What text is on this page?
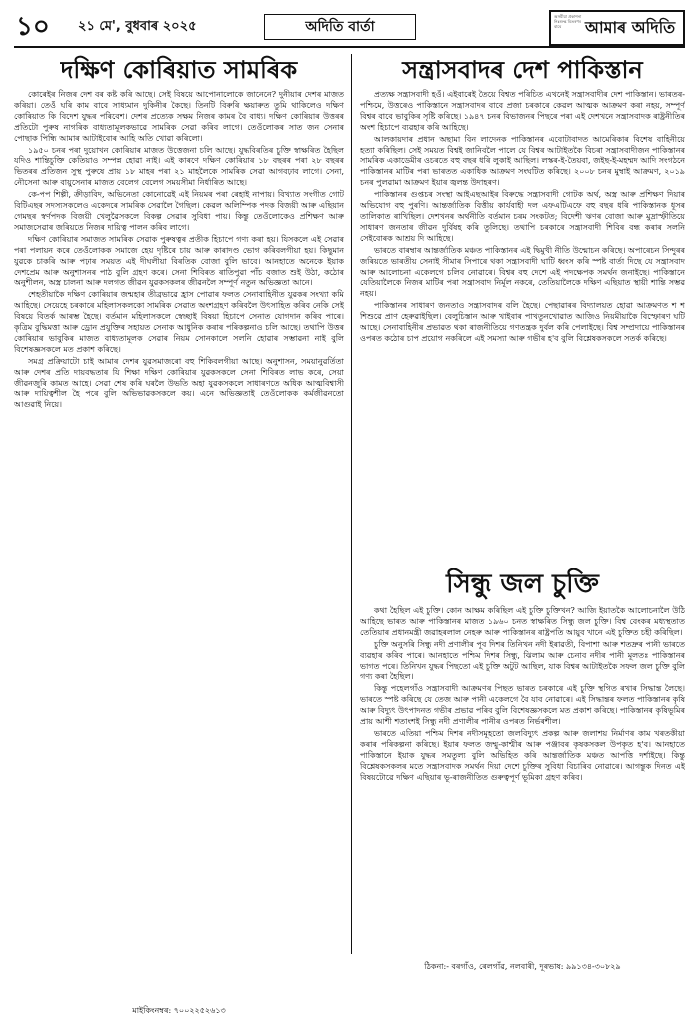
১০ ২১ মে', বুধবাৰ ২০২৫	অদিতি বাৰ্তা
অসমীয়া প্ৰকাশনা নিঃশুল্ক বিতৰণৰ বাবে	আমাৰ অদিতি
দক্ষিণ কোৰিয়াত সামৰিক

কোৰেইৰ নিজৰ দেশ বৰ কষ্ট কৰি আছে। সেই বিষয়ে আপোনালোকে জানেনে? দুনীয়াৰ দেশৰ মাজত কৰিয়া। তেওঁ ঘৰি কাম বাবে সাধ্যমান দুকিনীৰ কৈছে। তিনটি বিৰুৰি ক্ষয়াৰুত তুমি থাকিলেও দক্ষিণ কোৰিয়াত কি বিদেশ যুদ্ধৰ পৰিবেশ। দেশৰ প্ৰত্যেক সক্ষম নিজৰ কামৰ বৈ বাধ্য। দক্ষিণ কোৰিয়াৰ উত্তৰৰ প্ৰতিটো পুৰুষ নাগৰিক বাধ্যতামূলকভাৱে সামৰিক সেৱা কৰিব লাগে। তেওঁলোকৰ সাত জন সেনাৰ পোছাক পিন্ধি আমাৰ আটাইবোৰ আহি অতি খোৱা কৰিলো।

১৯৫০ চনৰ পৰা দুয়োখন কোৰিয়াৰ মাজত উত্তেজনা চলি আছে। যুদ্ধবিৰতিৰ চুক্তি স্বাক্ষৰিত হৈছিল যদিও শান্তিচুক্তি কেতিয়াও সম্পন্ন হোৱা নাই। এই কাৰণে দক্ষিণ কোৰিয়াৰ ১৮ বছৰৰ পৰা ২৮ বছৰৰ ভিতৰৰ প্ৰতিজন সুস্থ পুৰুষে প্ৰায় ১৮ মাহৰ পৰা ২১ মাহলৈকে সামৰিক সেৱা আগবঢ়াব লাগে। সেনা, নৌসেনা আৰু বায়ুসেনাৰ মাজত বেলেগ বেলেগ সময়সীমা নিৰ্ধাৰিত আছে।

কে-পপ শিল্পী, ক্ৰীড়াবিদ, অভিনেতা কোনোৱেই এই নিয়মৰ পৰা ৰেহাই নাপায়। বিখ্যাত সংগীত গোট বিটিএছৰ সদস্যসকলেও একেদৰে সামৰিক সেৱালৈ গৈছিল। কেৱল অলিম্পিক পদক বিজয়ী আৰু এছিয়ান গেমছৰ স্বৰ্ণপদক বিজয়ী খেলুৱৈসকলে বিকল্প সেৱাৰ সুবিধা পায়। কিন্তু তেওঁলোকেও প্ৰশিক্ষণ আৰু সমাজসেৱাৰ জৰিয়তে নিজৰ দায়িত্ব পালন কৰিব লাগে।

দক্ষিণ কোৰিয়াৰ সমাজত সামৰিক সেৱাক পুৰুষত্বৰ প্ৰতীক হিচাপে গণ্য কৰা হয়। যিসকলে এই সেৱাৰ পৰা পলায়ন কৰে তেওঁলোকক সমাজে হেয় দৃষ্টিৰে চায় আৰু কাৰাদণ্ড ভোগ কৰিবলগীয়া হয়। কিছুমান যুৱকে চাকৰি আৰু পঢ়াৰ সময়ত এই দীঘলীয়া বিৰতিক বোজা বুলি ভাবে। আনহাতে অনেকে ইয়াক দেশপ্ৰেম আৰু অনুশাসনৰ পাঠ বুলি গ্ৰহণ কৰে। সেনা শিবিৰত ৰাতিপুৱা পাঁচ বজাত শুই উঠা, কঠোৰ অনুশীলন, অস্ত্ৰ চালনা আৰু দলগত জীৱন যুৱকসকলৰ জীৱনলৈ সম্পূৰ্ণ নতুন অভিজ্ঞতা আনে।

শেহতীয়াকৈ দক্ষিণ কোৰিয়াৰ জন্মহাৰ তীব্ৰভাৱে হ্ৰাস পোৱাৰ ফলত সেনাবাহিনীত যুৱকৰ সংখ্যা কমি আহিছে। সেয়েহে চৰকাৰে মহিলাসকলকো সামৰিক সেৱাত অংশগ্ৰহণ কৰিবলৈ উৎসাহিত কৰিব নেকি সেই বিষয়ে বিতৰ্ক আৰম্ভ হৈছে। বৰ্তমান মহিলাসকলে স্বেচ্ছাই বিষয়া হিচাপে সেনাত যোগদান কৰিব পাৰে। কৃত্ৰিম বুদ্ধিমত্তা আৰু ড্ৰোন প্ৰযুক্তিৰ সহায়ত সেনাক আধুনিক কৰাৰ পৰিকল্পনাও চলি আছে। তথাপি উত্তৰ কোৰিয়াৰ ভাবুকিৰ মাজত বাধ্যতামূলক সেৱাৰ নিয়ম সোনকালে সলনি হোৱাৰ সম্ভাৱনা নাই বুলি বিশেষজ্ঞসকলে মত প্ৰকাশ কৰিছে।

সমগ্ৰ প্ৰক্ৰিয়াটো চাই আমাৰ দেশৰ যুৱসমাজৰো বহু শিকিবলগীয়া আছে। অনুশাসন, সময়ানুৱৰ্তিতা আৰু দেশৰ প্ৰতি দায়বদ্ধতাৰ যি শিক্ষা দক্ষিণ কোৰিয়াৰ যুৱকসকলে সেনা শিবিৰত লাভ কৰে, সেয়া জীৱনজুৰি কামত আহে। সেৱা শেষ কৰি ঘৰলৈ উভতি অহা যুৱকসকলে সাধাৰণতে অধিক আত্মবিশ্বাসী আৰু দায়িত্বশীল হৈ পৰে বুলি অভিভাৱকসকলে কয়। এনে অভিজ্ঞতাই তেওঁলোকক কৰ্মজীৱনতো আগুৱাই নিয়ে।

মাইকিংনম্বৰ: ৭০০২২৫২৬১৩
সন্ত্ৰাসবাদৰ দেশ পাকিস্তান

প্ৰত্যক্ষ সন্ত্ৰাসবাদী হওঁ। এইবাৰেই তৈয়ে বিশ্বত পৰিচিত এখনেই সন্ত্ৰাসবাদীৰ দেশ পাকিস্তান। ভাৰতৰ-পশ্চিমে, উত্তৰেও পাকিস্তানে সন্ত্ৰাসবাদৰ বাবে প্ৰজা চৰকাৰে কেৱল আত্মক আক্ৰমণ কৰা নহয়, সম্পূৰ্ণ বিশ্বৰ বাবে ভাবুকিৰ সৃষ্টি কৰিছে। ১৯৪৭ চনৰ বিভাজনৰ পিছৰে পৰা এই দেশখনে সন্ত্ৰাসবাদক ৰাষ্ট্ৰনীতিৰ অংশ হিচাপে ব্যৱহাৰ কৰি আহিছে।

আলকায়দাৰ প্ৰধান অছামা বিন লাদেনক পাকিস্তানৰ এবোটাবাদত আমেৰিকাৰ বিশেষ বাহিনীয়ে হত্যা কৰিছিল। সেই সময়ত বিশ্বই জানিবলৈ পালে যে বিশ্বৰ আটাইতকৈ বিচৰা সন্ত্ৰাসবাদীজন পাকিস্তানৰ সামৰিক একাডেমীৰ ওচৰতে বহু বছৰ ধৰি লুকাই আছিল। লস্কৰ-ই-তৈয়বা, জইছ-ই-মহম্মদ আদি সংগঠনে পাকিস্তানৰ মাটিৰ পৰা ভাৰতত একাধিক আক্ৰমণ সংঘটিত কৰিছে। ২০০৮ চনৰ মুম্বাই আক্ৰমণ, ২০১৯ চনৰ পুলৱামা আক্ৰমণ ইয়াৰ জ্বলন্ত উদাহৰণ।

পাকিস্তানৰ গুপ্তচৰ সংস্থা আইএছআইৰ বিৰুদ্ধে সন্ত্ৰাসবাদী গোটক অৰ্থ, অস্ত্ৰ আৰু প্ৰশিক্ষণ দিয়াৰ অভিযোগ বহু পুৰণি। আন্তৰ্জাতিক বিত্তীয় কাৰ্যবাহী দল এফএটিএফে বহু বছৰ ধৰি পাকিস্তানক ধূসৰ তালিকাত ৰাখিছিল। দেশখনৰ অৰ্থনীতি বৰ্তমান চৰম সংকটত; বিদেশী ঋণৰ বোজা আৰু মুদ্ৰাস্ফীতিয়ে সাধাৰণ জনতাৰ জীৱন দুৰ্বিষহ কৰি তুলিছে। তথাপি চৰকাৰে সন্ত্ৰাসবাদী শিবিৰ বন্ধ কৰাৰ সলনি সেইবোৰক আশ্ৰয় দি আহিছে।

ভাৰতে বাৰম্বাৰ আন্তৰ্জাতিক মঞ্চত পাকিস্তানৰ এই দ্বিমুখী নীতি উন্মোচন কৰিছে। অপাৰেচন সিন্দুৰৰ জৰিয়তে ভাৰতীয় সেনাই সীমাৰ সিপাৰে থকা সন্ত্ৰাসবাদী ঘাটি ধ্বংস কৰি স্পষ্ট বাৰ্তা দিছে যে সন্ত্ৰাসবাদ আৰু আলোচনা একেলগে চলিব নোৱাৰে। বিশ্বৰ বহু দেশে এই পদক্ষেপক সমৰ্থন জনাইছে। পাকিস্তানে যেতিয়ালৈকে নিজৰ মাটিৰ পৰা সন্ত্ৰাসবাদ নিৰ্মূল নকৰে, তেতিয়ালৈকে দক্ষিণ এছিয়াত স্থায়ী শান্তি সম্ভৱ নহয়।

পাকিস্তানৰ সাধাৰণ জনতাও সন্ত্ৰাসবাদৰ বলি হৈছে। পেছাৱাৰৰ বিদ্যালয়ত হোৱা আক্ৰমণত শ শ শিশুৱে প্ৰাণ হেৰুৱাইছিল। বেলুচিস্তান আৰু খাইবাৰ পাখতুনখোৱাত আজিও নিয়মীয়াকৈ বিস্ফোৰণ ঘটি আছে। সেনাবাহিনীৰ প্ৰভাৱত থকা ৰাজনীতিয়ে গণতন্ত্ৰক দুৰ্বল কৰি পেলাইছে। বিশ্ব সম্প্ৰদায়ে পাকিস্তানৰ ওপৰত কঠোৰ চাপ প্ৰয়োগ নকৰিলে এই সমস্যা আৰু গভীৰ হ'ব বুলি বিশ্লেষকসকলে সতৰ্ক কৰিছে।

সিন্ধু জল চুক্তি

কথা হৈছিল এই চুক্তি। কোন আক্ষম কৰিছিল এই চুক্তি চুক্তিখন? আজি ইয়াতকৈ আলোচনালৈ উঠি আহিছে ভাৰত আৰু পাকিস্তানৰ মাজত ১৯৬০ চনত স্বাক্ষৰিত সিন্ধু জল চুক্তি। বিশ্ব বেংকৰ মধ্যস্থতাত তেতিয়াৰ প্ৰধানমন্ত্ৰী জৱাহৰলাল নেহৰু আৰু পাকিস্তানৰ ৰাষ্ট্ৰপতি আয়ুব খানে এই চুক্তিত চহী কৰিছিল।

চুক্তি অনুসৰি সিন্ধু নদী প্ৰণালীৰ পূব দিশৰ তিনিখন নদী ইৰাৱতী, বিপাশা আৰু শতদ্ৰুৰ পানী ভাৰতে ব্যৱহাৰ কৰিব পাৰে। আনহাতে পশ্চিম দিশৰ সিন্ধু, ঝিলাম আৰু চেনাব নদীৰ পানী মূলতঃ পাকিস্তানৰ ভাগত পৰে। তিনিখন যুদ্ধৰ পিছতো এই চুক্তি অটুট আছিল, যাক বিশ্বৰ আটাইতকৈ সফল জল চুক্তি বুলি গণ্য কৰা হৈছিল।

কিন্তু পহেলগাঁও সন্ত্ৰাসবাদী আক্ৰমণৰ পিছত ভাৰত চৰকাৰে এই চুক্তি স্থগিত ৰখাৰ সিদ্ধান্ত লৈছে। ভাৰতে স্পষ্ট কৰিছে যে তেজ আৰু পানী একেলগে বৈ যাব নোৱাৰে। এই সিদ্ধান্তৰ ফলত পাকিস্তানৰ কৃষি আৰু বিদ্যুৎ উৎপাদনত গভীৰ প্ৰভাৱ পৰিব বুলি বিশেষজ্ঞসকলে মত প্ৰকাশ কৰিছে। পাকিস্তানৰ কৃষিভূমিৰ প্ৰায় আশী শতাংশই সিন্ধু নদী প্ৰণালীৰ পানীৰ ওপৰত নিৰ্ভৰশীল।

ভাৰতে এতিয়া পশ্চিম দিশৰ নদীসমূহতো জলবিদ্যুৎ প্ৰকল্প আৰু জলাশয় নিৰ্মাণৰ কাম খৰতকীয়া কৰাৰ পৰিকল্পনা কৰিছে। ইয়াৰ ফলত জম্মু-কাশ্মীৰ আৰু পঞ্জাবৰ কৃষকসকল উপকৃত হ'ব। আনহাতে পাকিস্তানে ইয়াক যুদ্ধৰ সমতুল্য বুলি অভিহিত কৰি আন্তৰ্জাতিক মঞ্চত আপত্তি দৰ্শাইছে। কিন্তু বিশ্লেষকসকলৰ মতে সন্ত্ৰাসবাদক সমৰ্থন দিয়া দেশে চুক্তিৰ সুবিধা বিচাৰিব নোৱাৰে। আগন্তুক দিনত এই বিষয়টোৱে দক্ষিণ এছিয়াৰ ভূ-ৰাজনীতিত গুৰুত্বপূৰ্ণ ভূমিকা গ্ৰহণ কৰিব।

ঠিকনা:- বৰগাঁও, ৰেলগাঁৱ, নলবাৰী, দূৰভাষ: ৯৯১৩৪-৩০৮২৯
